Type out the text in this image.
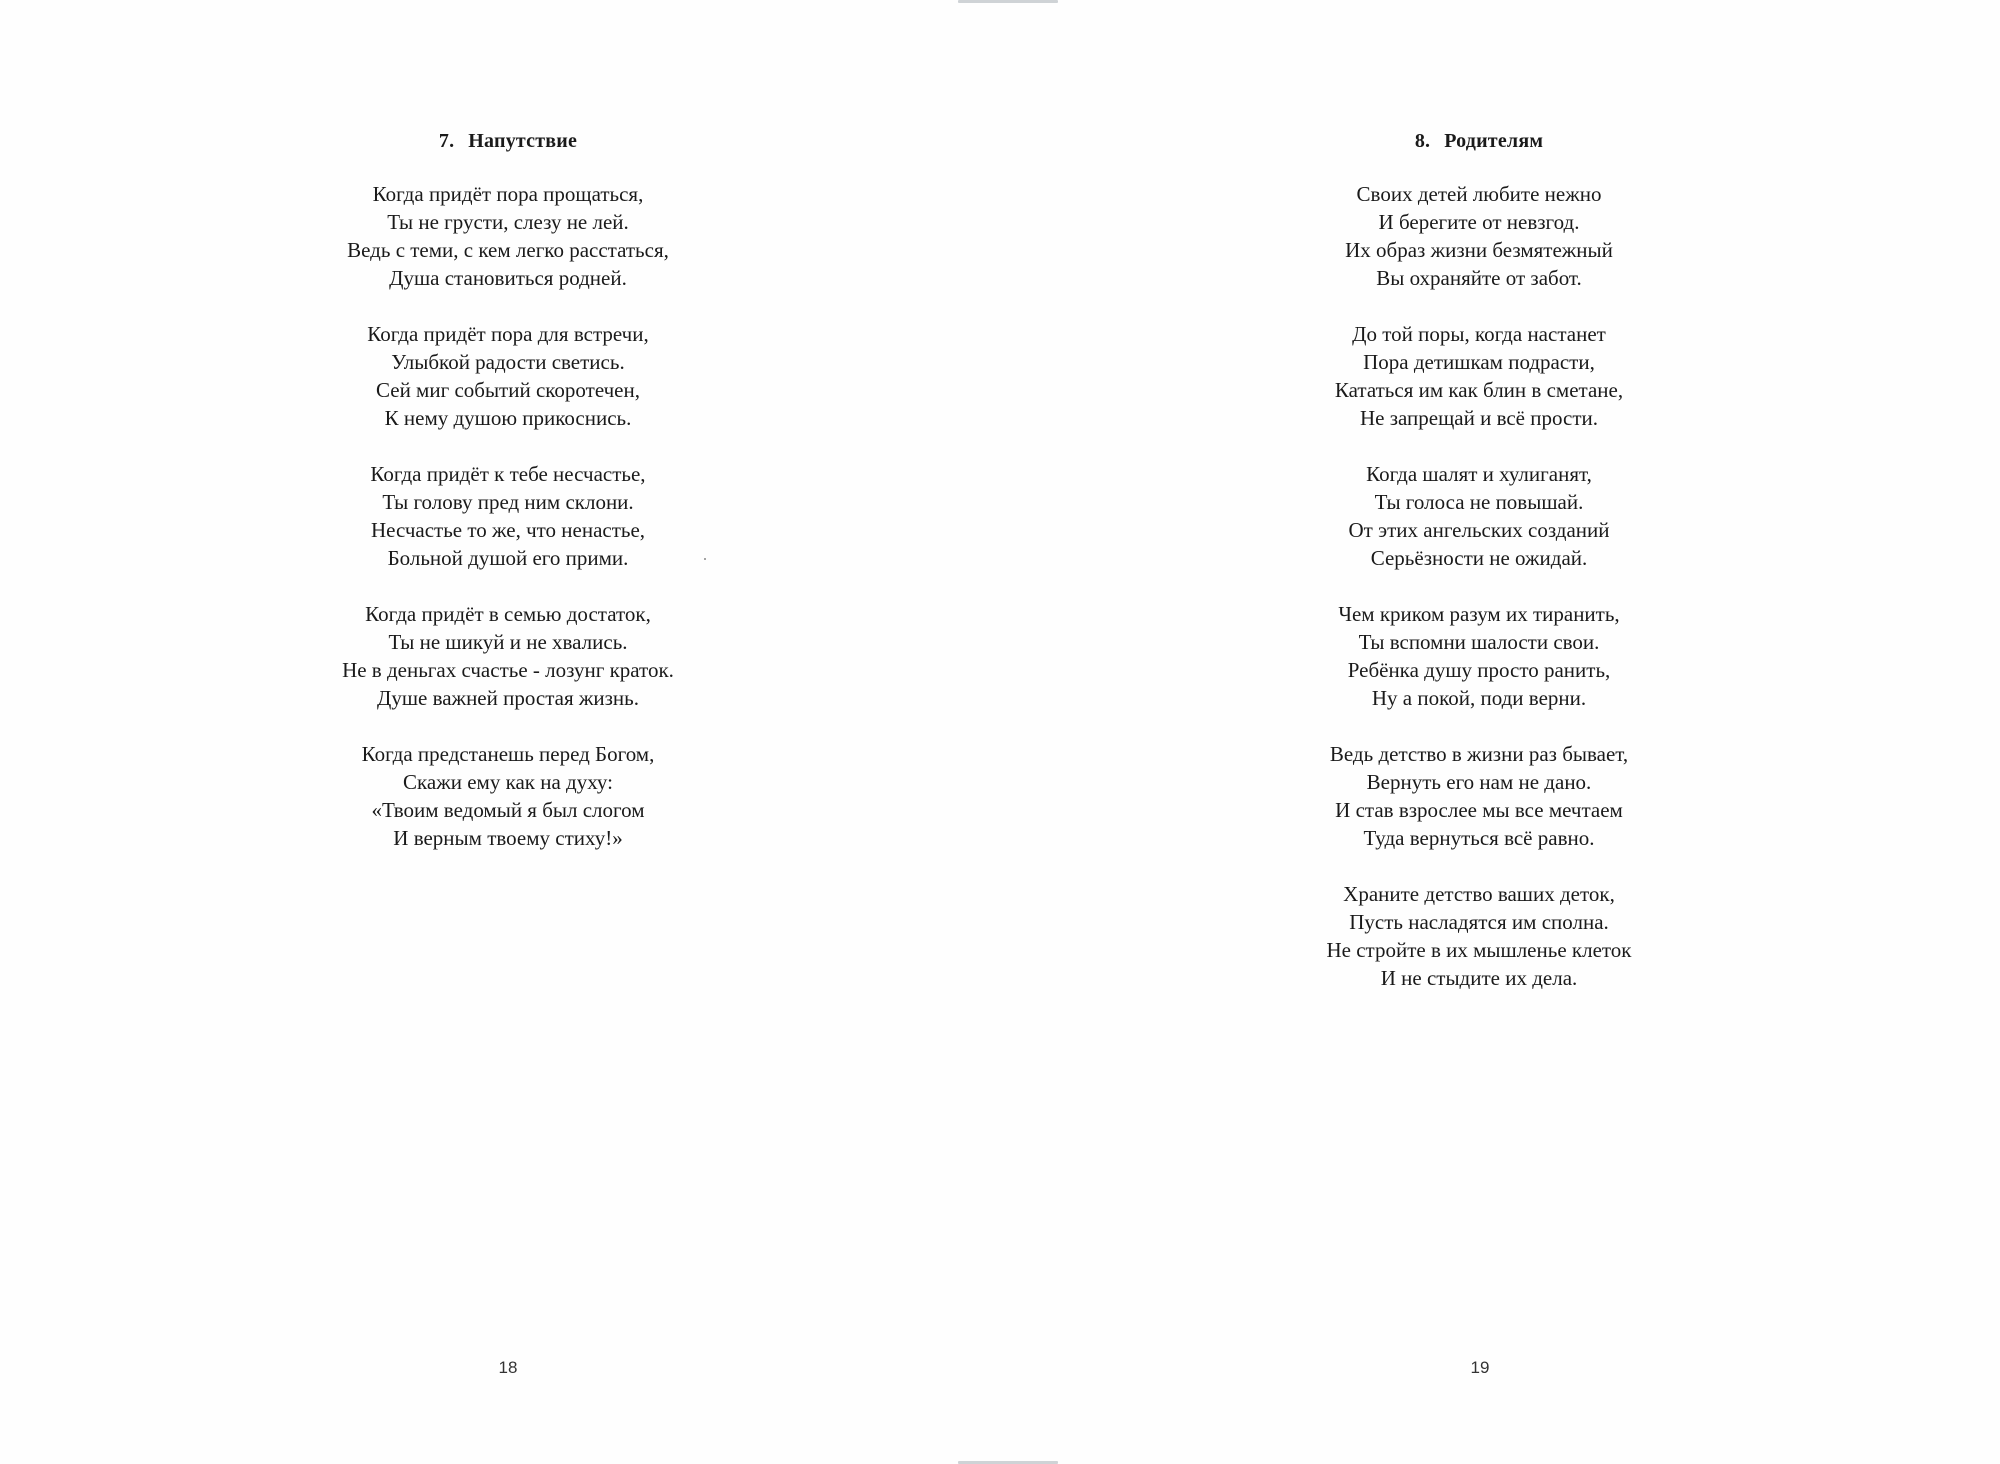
7. Напутствие
Когда придёт пора прощаться,
Ты не грусти, слезу не лей.
Ведь с теми, с кем легко расстаться,
Душа становиться родней.
Когда придёт пора для встречи,
Улыбкой радости светись.
Сей миг событий скоротечен,
К нему душою прикоснись.
Когда придёт к тебе несчастье,
Ты голову пред ним склони.
Несчастье то же, что ненастье,
Больной душой его прими.
Когда придёт в семью достаток,
Ты не шикуй и не хвались.
Не в деньгах счастье - лозунг краток.
Душе важней простая жизнь.
Когда предстанешь перед Богом,
Скажи ему как на духу:
«Твоим ведомый я был слогом
И верным твоему стиху!»
18
8. Родителям
Своих детей любите нежно
И берегите от невзгод.
Их образ жизни безмятежный
Вы охраняйте от забот.
До той поры, когда настанет
Пора детишкам подрасти,
Кататься им как блин в сметане,
Не запрещай и всё прости.
Когда шалят и хулиганят,
Ты голоса не повышай.
От этих ангельских созданий
Серьёзности не ожидай.
Чем криком разум их тиранить,
Ты вспомни шалости свои.
Ребёнка душу просто ранить,
Ну а покой, поди верни.
Ведь детство в жизни раз бывает,
Вернуть его нам не дано.
И став взрослее мы все мечтаем
Туда вернуться всё равно.
Храните детство ваших деток,
Пусть насладятся им сполна.
Не стройте в их мышленье клеток
И не стыдите их дела.
19
